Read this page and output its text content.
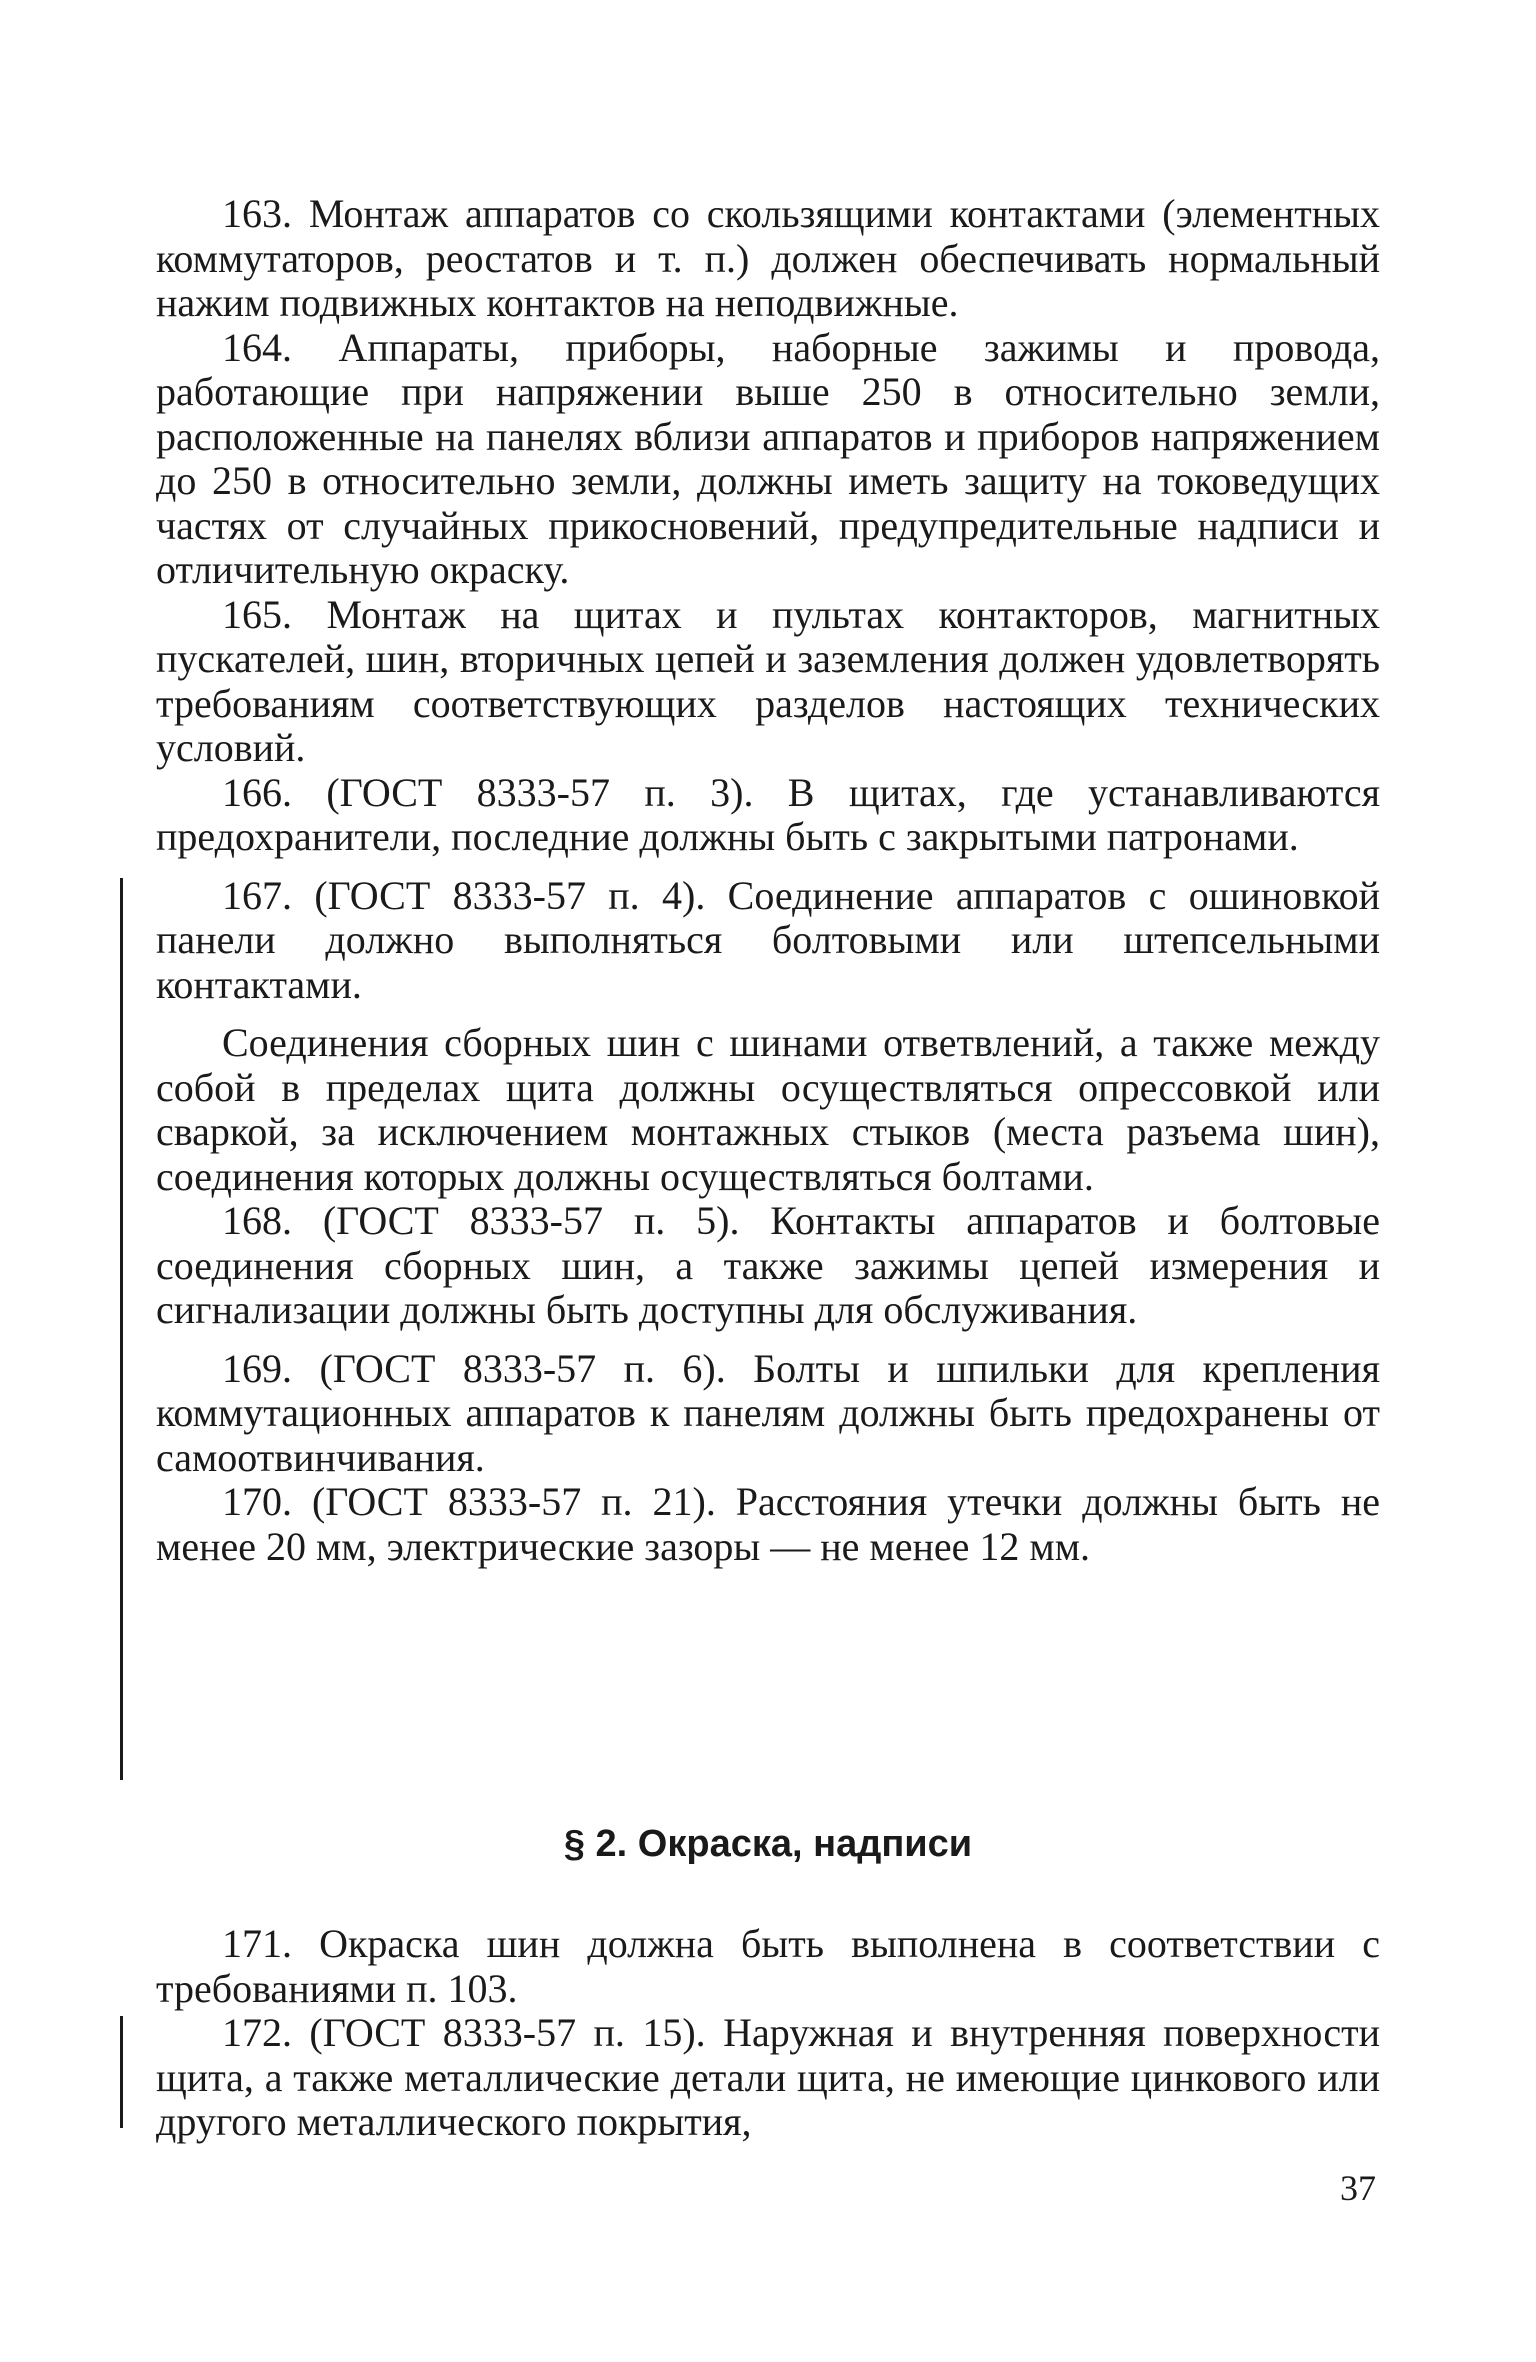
163. Монтаж аппаратов со скользящими контактами (элементных коммутаторов, реостатов и т. п.) должен обеспечивать нормальный нажим подвижных контактов на неподвижные.

164. Аппараты, приборы, наборные зажимы и провода, работающие при напряжении выше 250 в относительно земли, расположенные на панелях вблизи аппаратов и приборов напряжением до 250 в относительно земли, должны иметь защиту на токоведущих частях от случайных прикосновений, предупредительные надписи и отличительную окраску.

165. Монтаж на щитах и пультах контакторов, магнитных пускателей, шин, вторичных цепей и заземления должен удовлетворять требованиям соответствующих разделов настоящих технических условий.

166. (ГОСТ 8333-57 п. 3). В щитах, где устанавливаются предохранители, последние должны быть с закрытыми патронами.

167. (ГОСТ 8333-57 п. 4). Соединение аппаратов с ошиновкой панели должно выполняться болтовыми или штепсельными контактами.

Соединения сборных шин с шинами ответвлений, а также между собой в пределах щита должны осуществляться опрессовкой или сваркой, за исключением монтажных стыков (места разъема шин), соединения которых должны осуществляться болтами.

168. (ГОСТ 8333-57 п. 5). Контакты аппаратов и болтовые соединения сборных шин, а также зажимы цепей измерения и сигнализации должны быть доступны для обслуживания.

169. (ГОСТ 8333-57 п. 6). Болты и шпильки для крепления коммутационных аппаратов к панелям должны быть предохранены от самоотвинчивания.

170. (ГОСТ 8333-57 п. 21). Расстояния утечки должны быть не менее 20 мм, электрические зазоры — не менее 12 мм.

§ 2. Окраска, надписи

171. Окраска шин должна быть выполнена в соответствии с требованиями п. 103.

172. (ГОСТ 8333-57 п. 15). Наружная и внутренняя поверхности щита, а также металлические детали щита, не имеющие цинкового или другого металлического покрытия,

37
